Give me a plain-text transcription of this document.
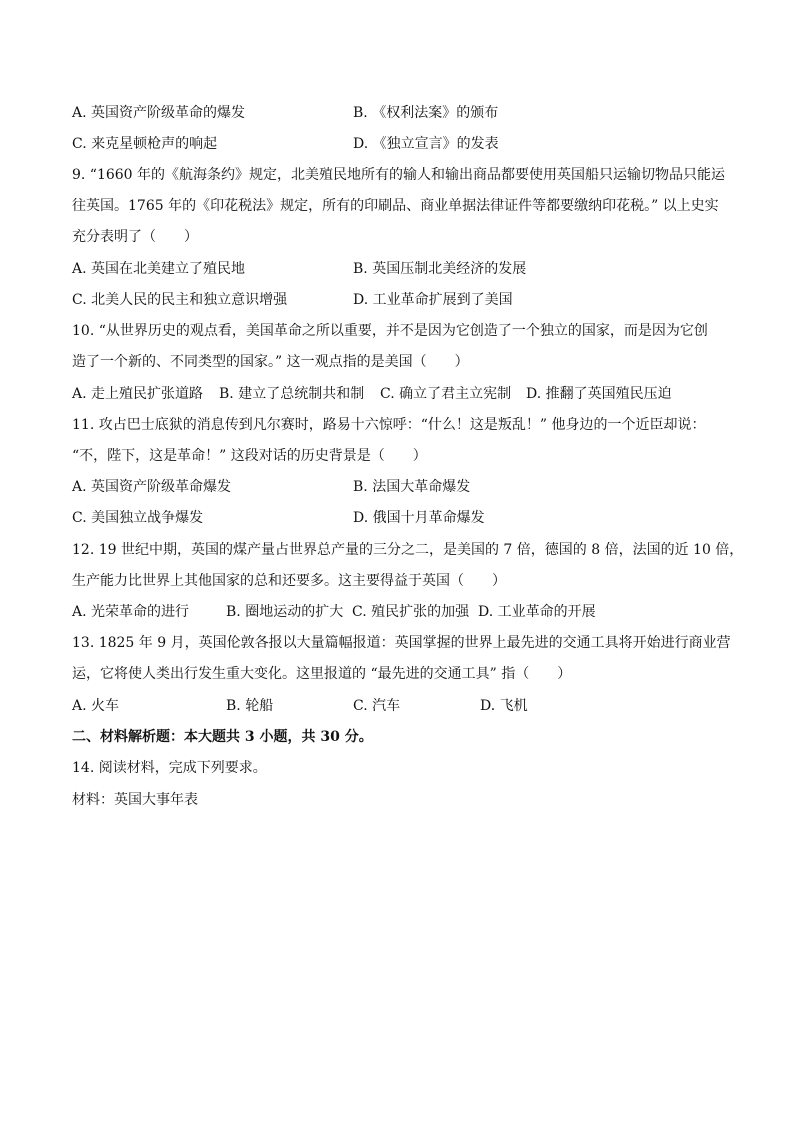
A. 英国资产阶级革命的爆发	B. 《权利法案》的颁布
C. 来克星顿枪声的响起	D. 《独立宣言》的发表
9. “1660 年的《航海条约》规定，北美殖民地所有的输人和输出商品都要使用英国船只运输切物品只能运
往英国。1765 年的《印花税法》规定，所有的印刷品、商业单据法律证件等都要缴纳印花税。” 以上史实
充分表明了（　　）
A. 英国在北美建立了殖民地	B. 英国压制北美经济的发展
C. 北美人民的民主和独立意识增强	D. 工业革命扩展到了美国
10. “从世界历史的观点看，美国革命之所以重要，并不是因为它创造了一个独立的国家，而是因为它创
造了一个新的、不同类型的国家。” 这一观点指的是美国（　　）
A. 走上殖民扩张道路 B. 建立了总统制共和制 C. 确立了君主立宪制 D. 推翻了英国殖民压迫
11. 攻占巴士底狱的消息传到凡尔赛时，路易十六惊呼：“什么！这是叛乱！” 他身边的一个近臣却说：
“不，陛下，这是革命！” 这段对话的历史背景是（　　）
A. 英国资产阶级革命爆发	B. 法国大革命爆发
C. 美国独立战争爆发	D. 俄国十月革命爆发
12. 19 世纪中期，英国的煤产量占世界总产量的三分之二，是美国的 7 倍，德国的 8 倍，法国的近 10 倍，
生产能力比世界上其他国家的总和还要多。这主要得益于英国（　　）
A. 光荣革命的进行	B. 圈地运动的扩大 C. 殖民扩张的加强 D. 工业革命的开展
13. 1825 年 9 月，英国伦敦各报以大量篇幅报道：英国掌握的世界上最先进的交通工具将开始进行商业营
运，它将使人类出行发生重大变化。这里报道的 “最先进的交通工具” 指（　　）
A. 火车	B. 轮船	C. 汽车	D. 飞机
二、材料解析题：本大题共 3 小题，共 30 分。
14. 阅读材料，完成下列要求。
材料：英国大事年表
